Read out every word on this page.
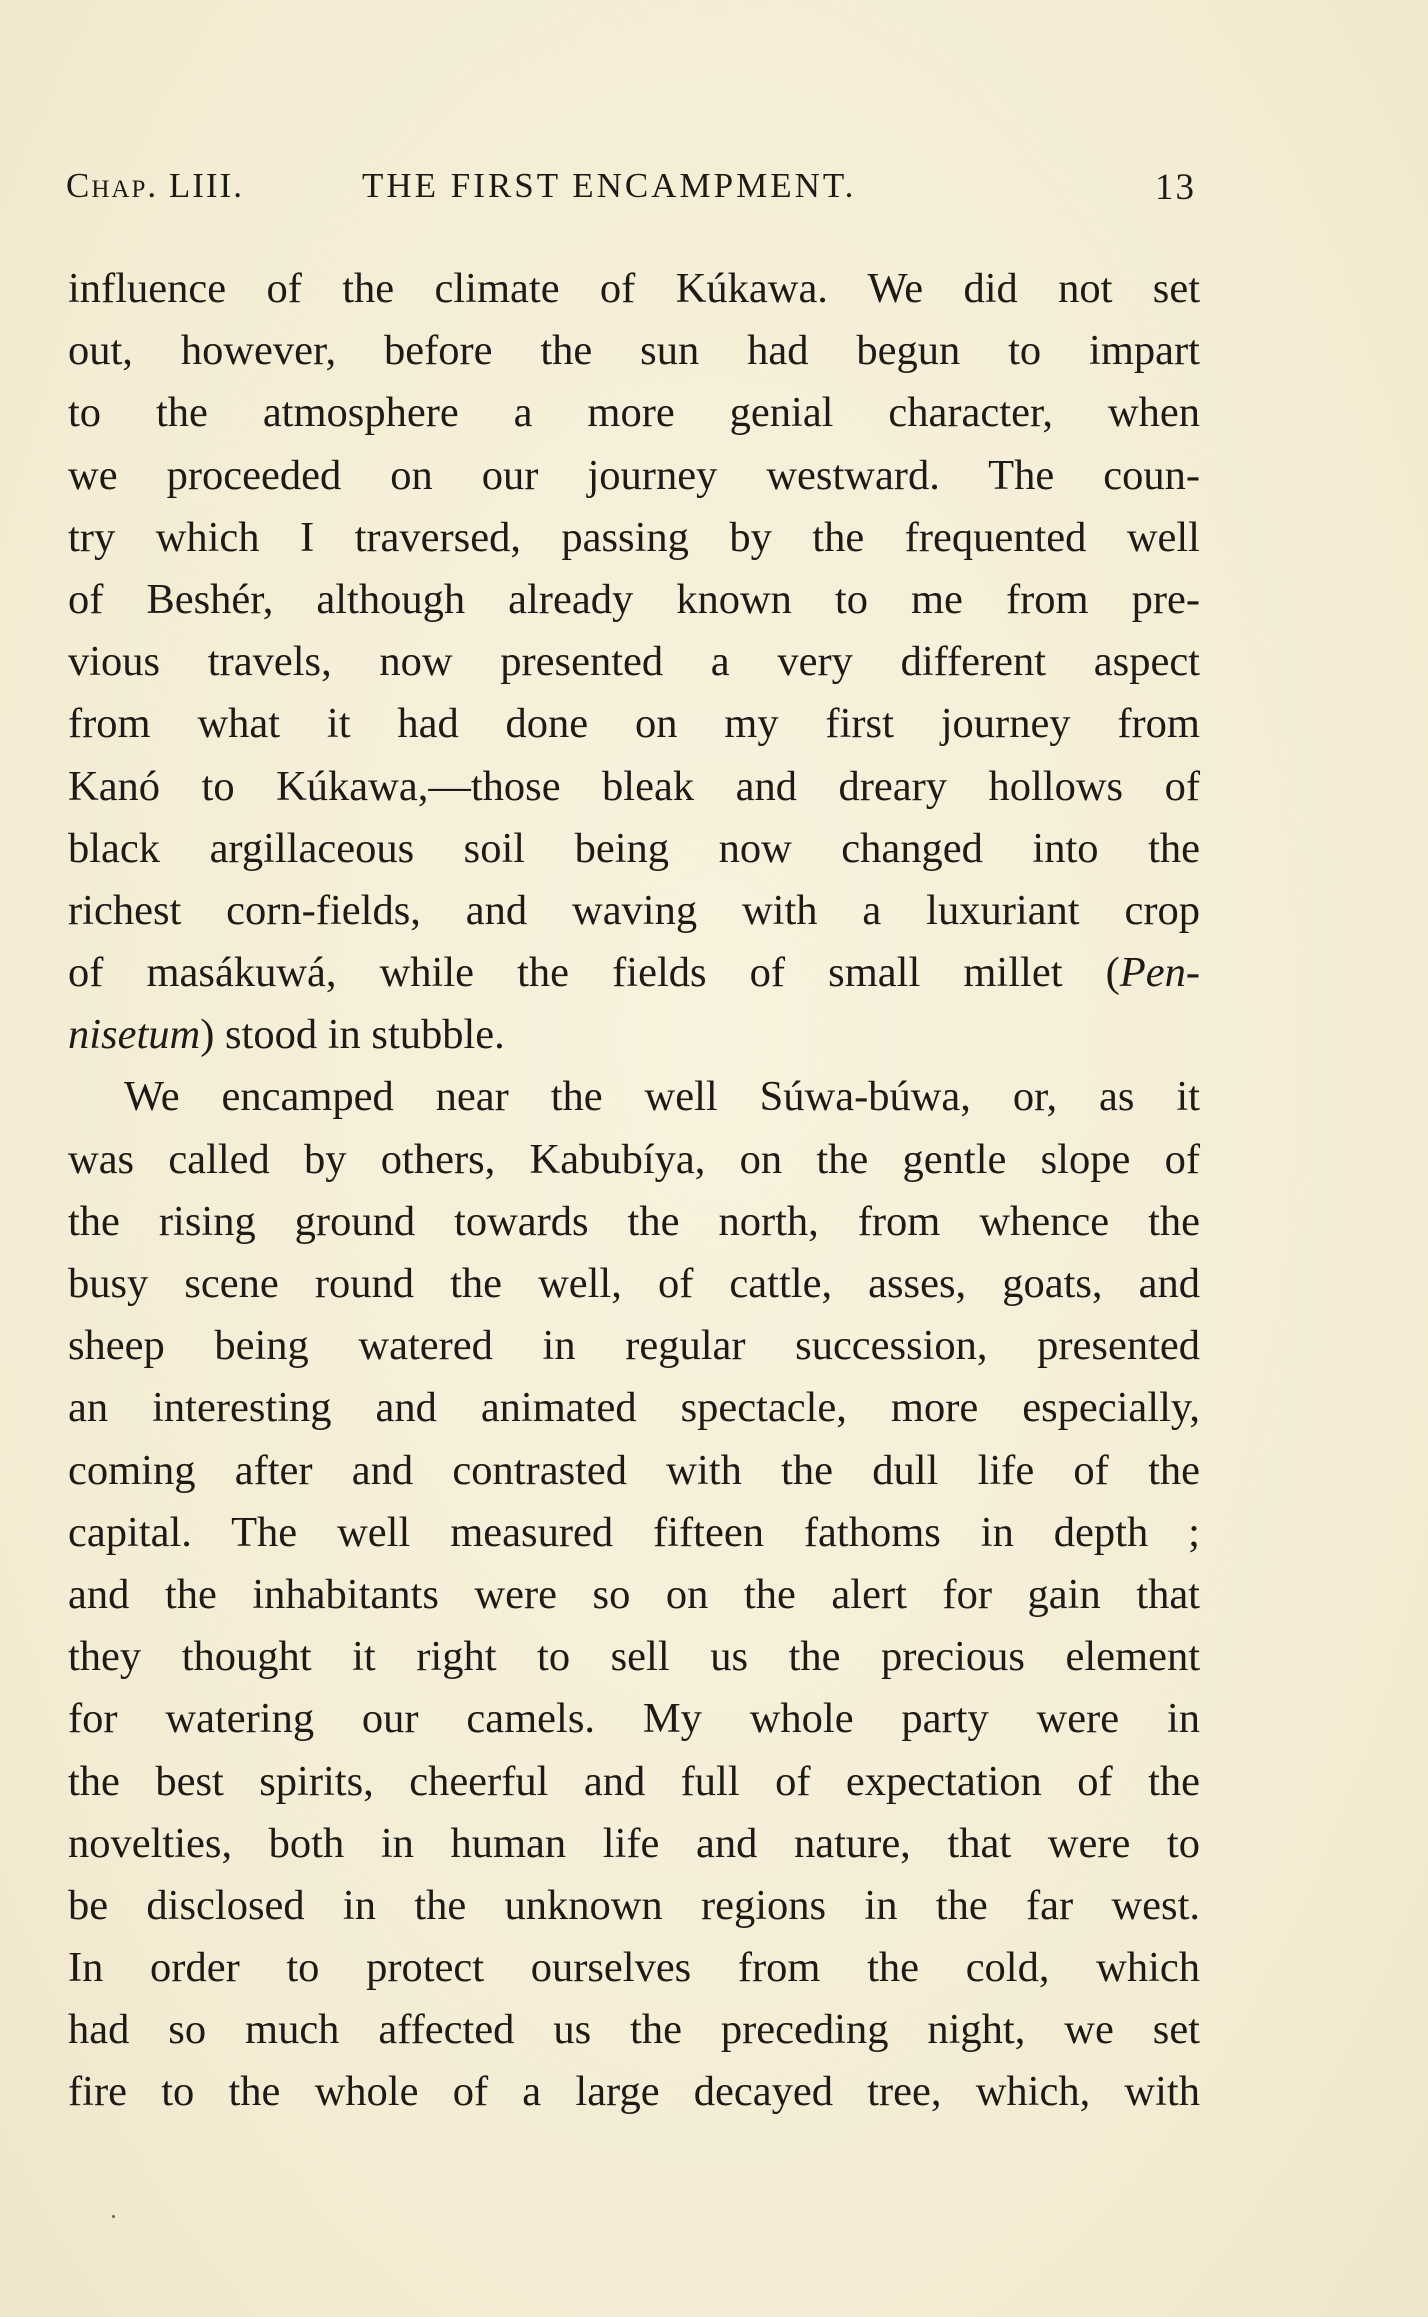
Chap. LIII.	THE FIRST ENCAMPMENT.	13
influence of the climate of Kúkawa. We did not set
out, however, before the sun had begun to impart
to the atmosphere a more genial character, when
we proceeded on our journey westward. The coun-
try which I traversed, passing by the frequented well
of Beshér, although already known to me from pre-
vious travels, now presented a very different aspect
from what it had done on my first journey from
Kanó to Kúkawa,—those bleak and dreary hollows of
black argillaceous soil being now changed into the
richest corn-fields, and waving with a luxuriant crop
of masákuwá, while the fields of small millet (Pen-
nisetum) stood in stubble.
We encamped near the well Súwa-búwa, or, as it
was called by others, Kabubíya, on the gentle slope of
the rising ground towards the north, from whence the
busy scene round the well, of cattle, asses, goats, and
sheep being watered in regular succession, presented
an interesting and animated spectacle, more especially,
coming after and contrasted with the dull life of the
capital. The well measured fifteen fathoms in depth ;
and the inhabitants were so on the alert for gain that
they thought it right to sell us the precious element
for watering our camels. My whole party were in
the best spirits, cheerful and full of expectation of the
novelties, both in human life and nature, that were to
be disclosed in the unknown regions in the far west.
In order to protect ourselves from the cold, which
had so much affected us the preceding night, we set
fire to the whole of a large decayed tree, which, with
